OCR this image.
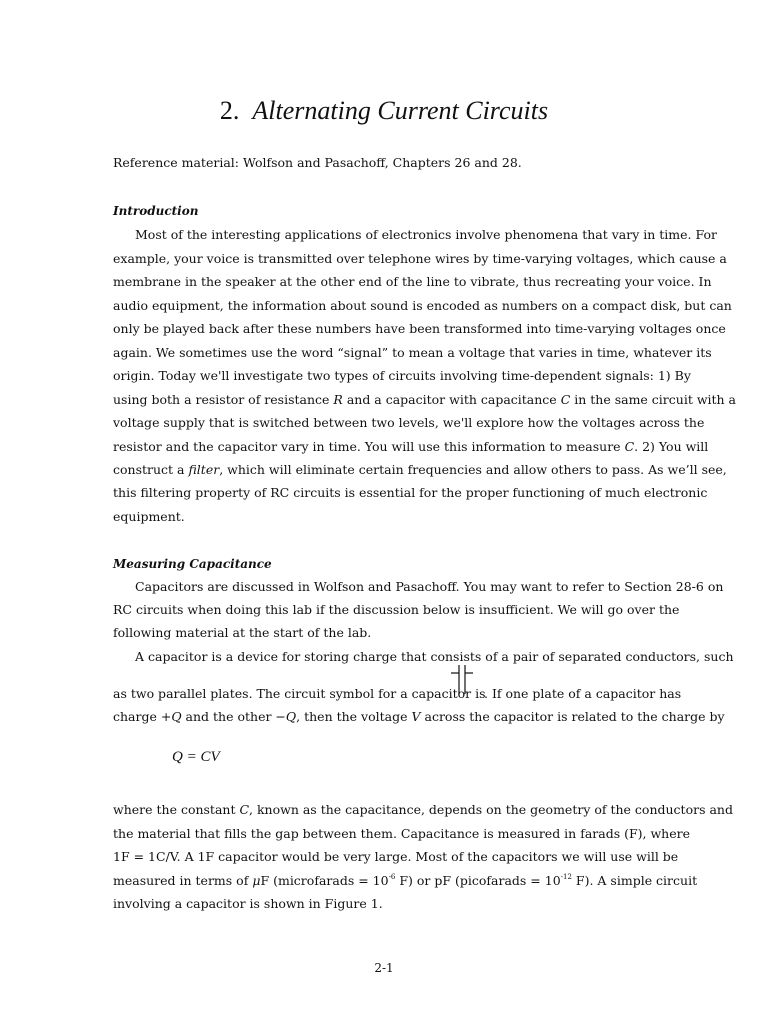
2. Alternating Current Circuits
Reference material: Wolfson and Pasachoff, Chapters 26 and 28.
Introduction
Most of the interesting applications of electronics involve phenomena that vary in time. For
example, your voice is transmitted over telephone wires by time-varying voltages, which cause a
membrane in the speaker at the other end of the line to vibrate, thus recreating your voice. In
audio equipment, the information about sound is encoded as numbers on a compact disk, but can
only be played back after these numbers have been transformed into time-varying voltages once
again. We sometimes use the word “signal” to mean a voltage that varies in time, whatever its
origin. Today we'll investigate two types of circuits involving time-dependent signals: 1) By
using both a resistor of resistance R and a capacitor with capacitance C in the same circuit with a
voltage supply that is switched between two levels, we'll explore how the voltages across the
resistor and the capacitor vary in time. You will use this information to measure C. 2) You will
construct a filter, which will eliminate certain frequencies and allow others to pass. As we’ll see,
this filtering property of RC circuits is essential for the proper functioning of much electronic
equipment.
Measuring Capacitance
Capacitors are discussed in Wolfson and Pasachoff. You may want to refer to Section 28-6 on
RC circuits when doing this lab if the discussion below is insufficient. We will go over the
following material at the start of the lab.
A capacitor is a device for storing charge that consists of a pair of separated conductors, such
as two parallel plates. The circuit symbol for a capacitor is
. If one plate of a capacitor has
charge +Q and the other −Q, then the voltage V across the capacitor is related to the charge by
Q = CV
where the constant C, known as the capacitance, depends on the geometry of the conductors and
the material that fills the gap between them. Capacitance is measured in farads (F), where
1F = 1C/V. A 1F capacitor would be very large. Most of the capacitors we will use will be
measured in terms of μF (microfarads = $10^{-6}$ F) or pF (picofarads = $10^{-12}$ F). A simple circuit
involving a capacitor is shown in Figure 1.
2-1
